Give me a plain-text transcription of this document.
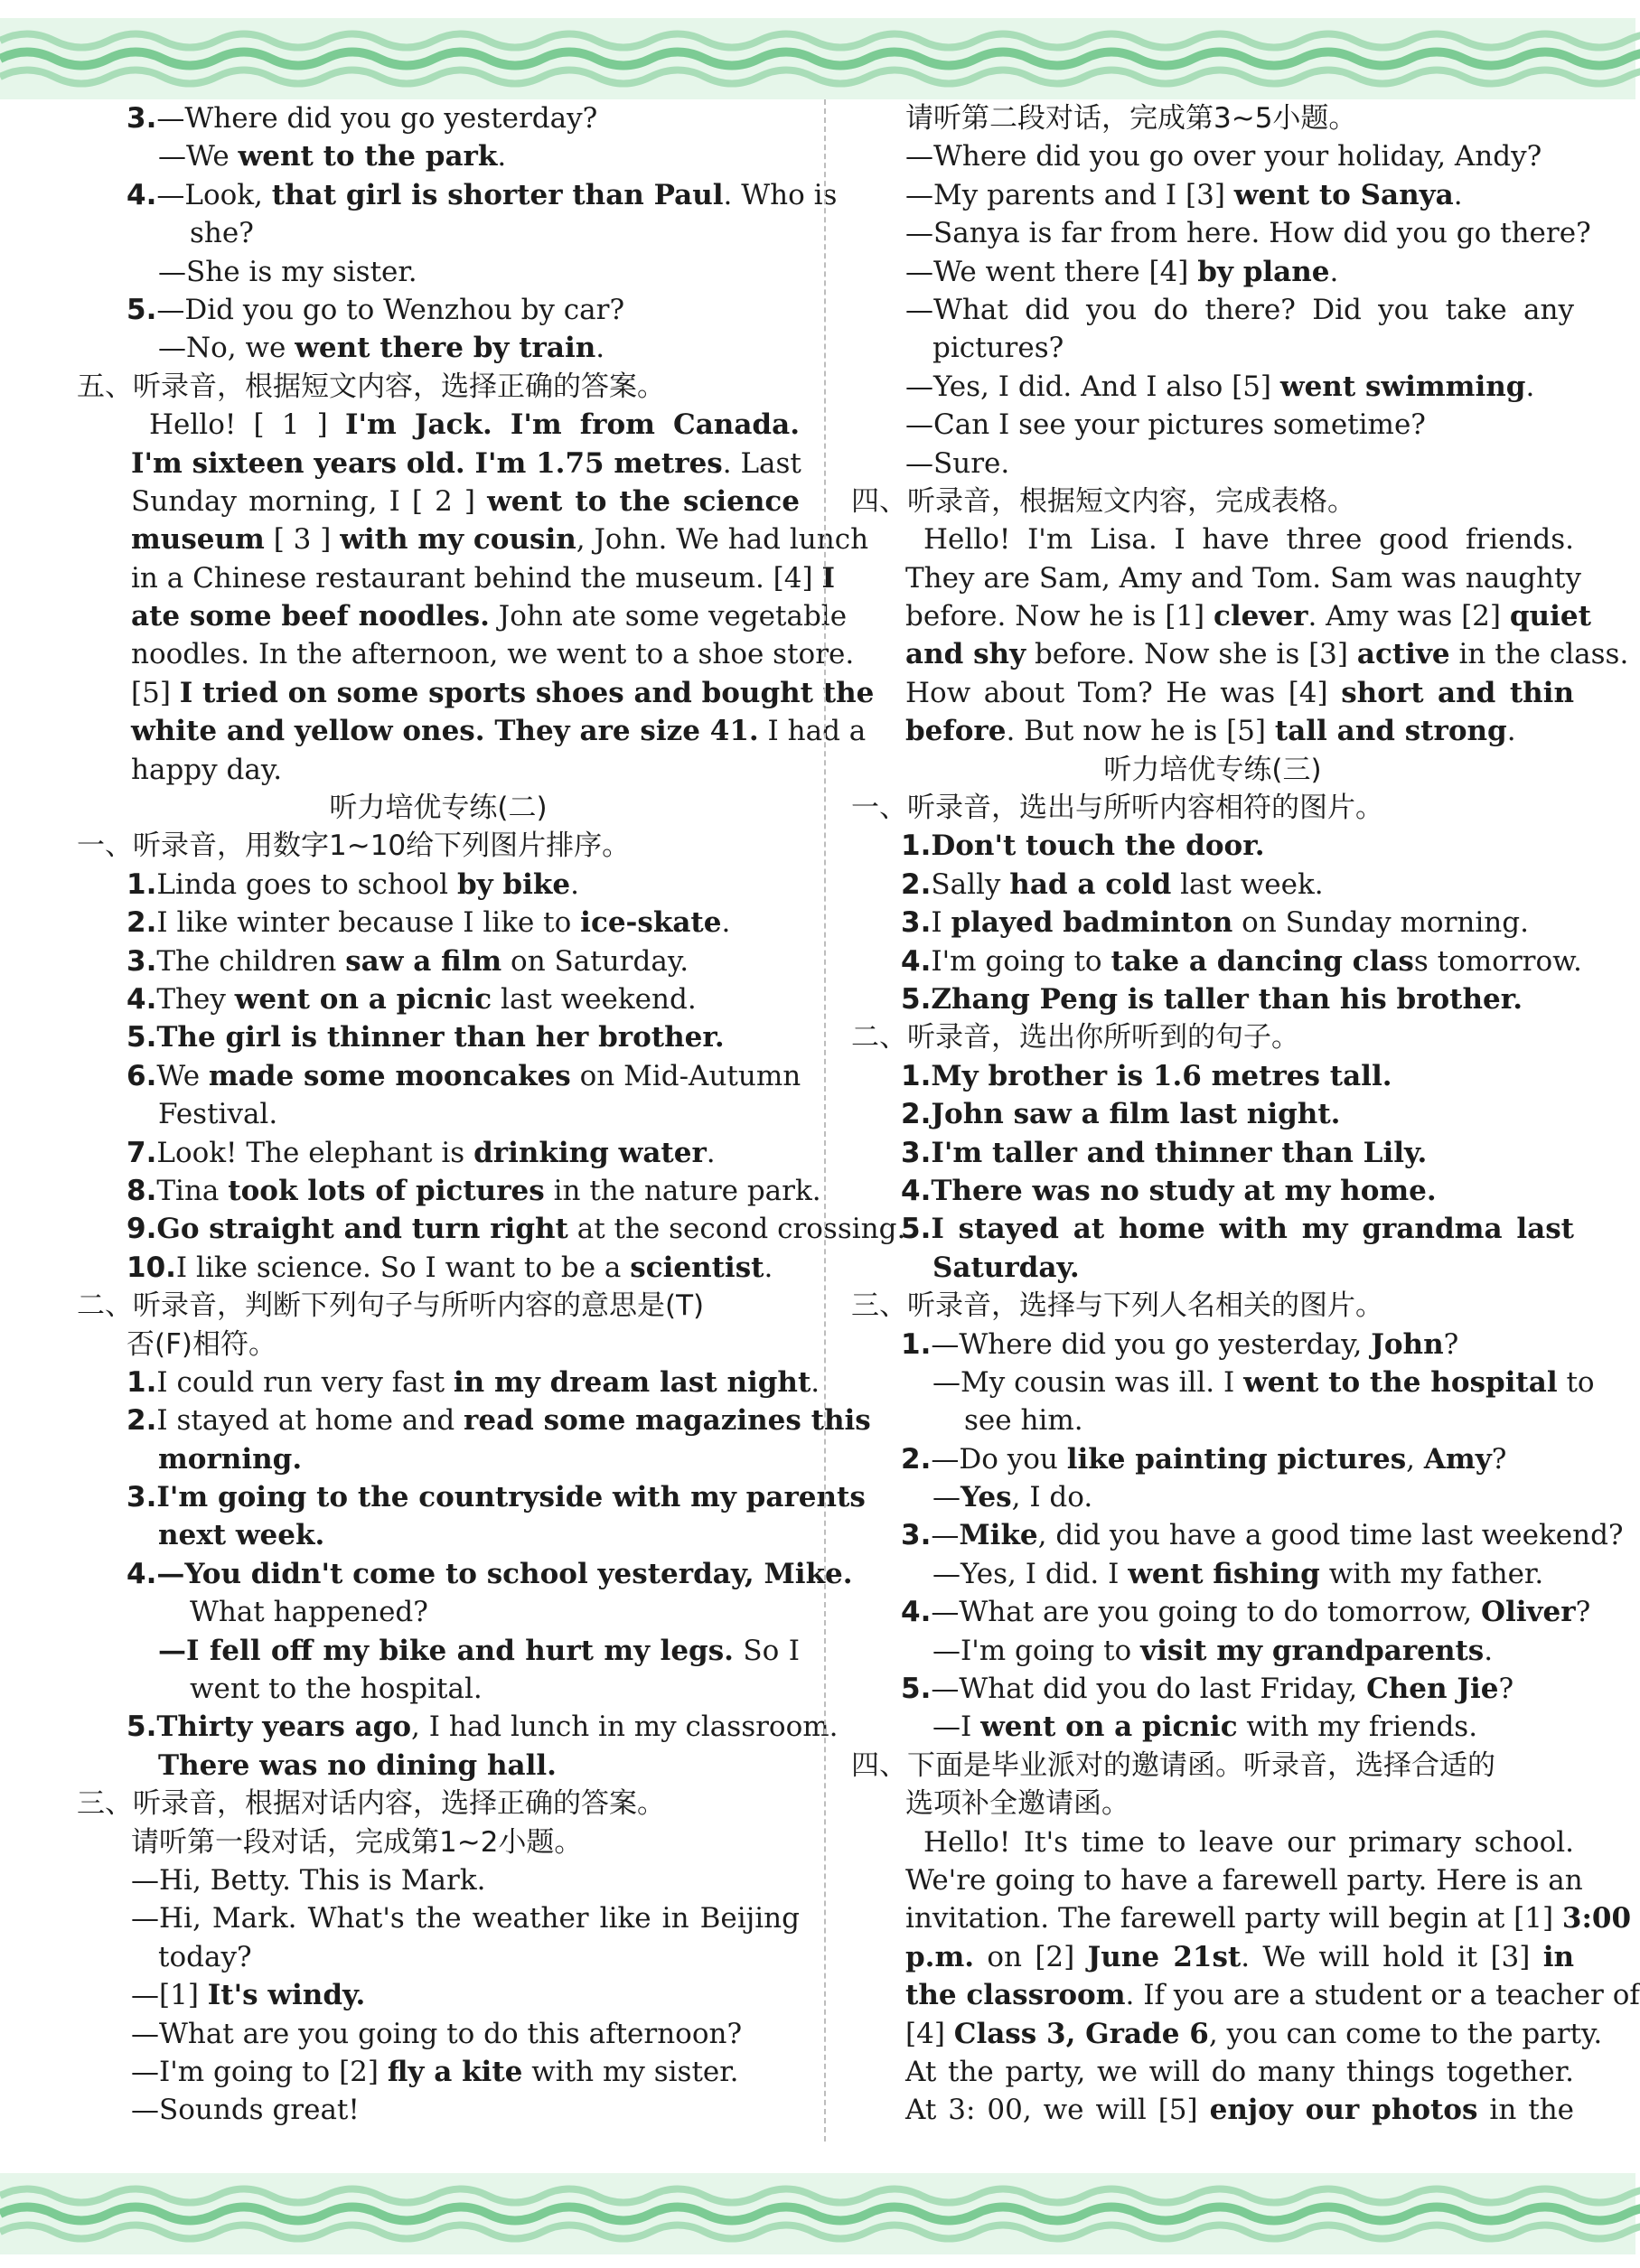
3.—Where did you go yesterday?
—We went to the park.
4.—Look, that girl is shorter than Paul. Who is
she?
—She is my sister.
5.—Did you go to Wenzhou by car?
—No, we went there by train.
五、听录音，根据短文内容，选择正确的答案。
Hello! [ 1 ] I'm Jack. I'm from Canada.
I'm sixteen years old. I'm 1.75 metres. Last
Sunday morning, I [ 2 ] went to the science
museum [ 3 ] with my cousin, John. We had lunch
in a Chinese restaurant behind the museum. [4] I
ate some beef noodles. John ate some vegetable
noodles. In the afternoon, we went to a shoe store.
[5] I tried on some sports shoes and bought the
white and yellow ones. They are size 41. I had a
happy day.
听力培优专练(二)
一、听录音，用数字1~10给下列图片排序。
1.Linda goes to school by bike.
2.I like winter because I like to ice-skate.
3.The children saw a film on Saturday.
4.They went on a picnic last weekend.
5.The girl is thinner than her brother.
6.We made some mooncakes on Mid-Autumn
Festival.
7.Look! The elephant is drinking water.
8.Tina took lots of pictures in the nature park.
9.Go straight and turn right at the second crossing.
10.I like science. So I want to be a scientist.
二、听录音，判断下列句子与所听内容的意思是(T)
否(F)相符。
1.I could run very fast in my dream last night.
2.I stayed at home and read some magazines this
morning.
3.I'm going to the countryside with my parents
next week.
4.—You didn't come to school yesterday, Mike.
What happened?
—I fell off my bike and hurt my legs. So I
went to the hospital.
5.Thirty years ago, I had lunch in my classroom.
There was no dining hall.
三、听录音，根据对话内容，选择正确的答案。
请听第一段对话，完成第1~2小题。
—Hi, Betty. This is Mark.
—Hi, Mark. What's the weather like in Beijing
today?
—[1] It's windy.
—What are you going to do this afternoon?
—I'm going to [2] fly a kite with my sister.
—Sounds great!
请听第二段对话，完成第3~5小题。
—Where did you go over your holiday, Andy?
—My parents and I [3] went to Sanya.
—Sanya is far from here. How did you go there?
—We went there [4] by plane.
—What did you do there? Did you take any
pictures?
—Yes, I did. And I also [5] went swimming.
—Can I see your pictures sometime?
—Sure.
四、听录音，根据短文内容，完成表格。
Hello! I'm Lisa. I have three good friends.
They are Sam, Amy and Tom. Sam was naughty
before. Now he is [1] clever. Amy was [2] quiet
and shy before. Now she is [3] active in the class.
How about Tom? He was [4] short and thin
before. But now he is [5] tall and strong.
听力培优专练(三)
一、听录音，选出与所听内容相符的图片。
1.Don't touch the door.
2.Sally had a cold last week.
3.I played badminton on Sunday morning.
4.I'm going to take a dancing class tomorrow.
5.Zhang Peng is taller than his brother.
二、听录音，选出你所听到的句子。
1.My brother is 1.6 metres tall.
2.John saw a film last night.
3.I'm taller and thinner than Lily.
4.There was no study at my home.
5.I stayed at home with my grandma last
Saturday.
三、听录音，选择与下列人名相关的图片。
1.—Where did you go yesterday, John?
—My cousin was ill. I went to the hospital to
see him.
2.—Do you like painting pictures, Amy?
—Yes, I do.
3.—Mike, did you have a good time last weekend?
—Yes, I did. I went fishing with my father.
4.—What are you going to do tomorrow, Oliver?
—I'm going to visit my grandparents.
5.—What did you do last Friday, Chen Jie?
—I went on a picnic with my friends.
四、下面是毕业派对的邀请函。听录音，选择合适的
选项补全邀请函。
Hello! It's time to leave our primary school.
We're going to have a farewell party. Here is an
invitation. The farewell party will begin at [1] 3:00
p.m. on [2] June 21st. We will hold it [3] in
the classroom. If you are a student or a teacher of
[4] Class 3, Grade 6, you can come to the party.
At the party, we will do many things together.
At 3: 00, we will [5] enjoy our photos in the
